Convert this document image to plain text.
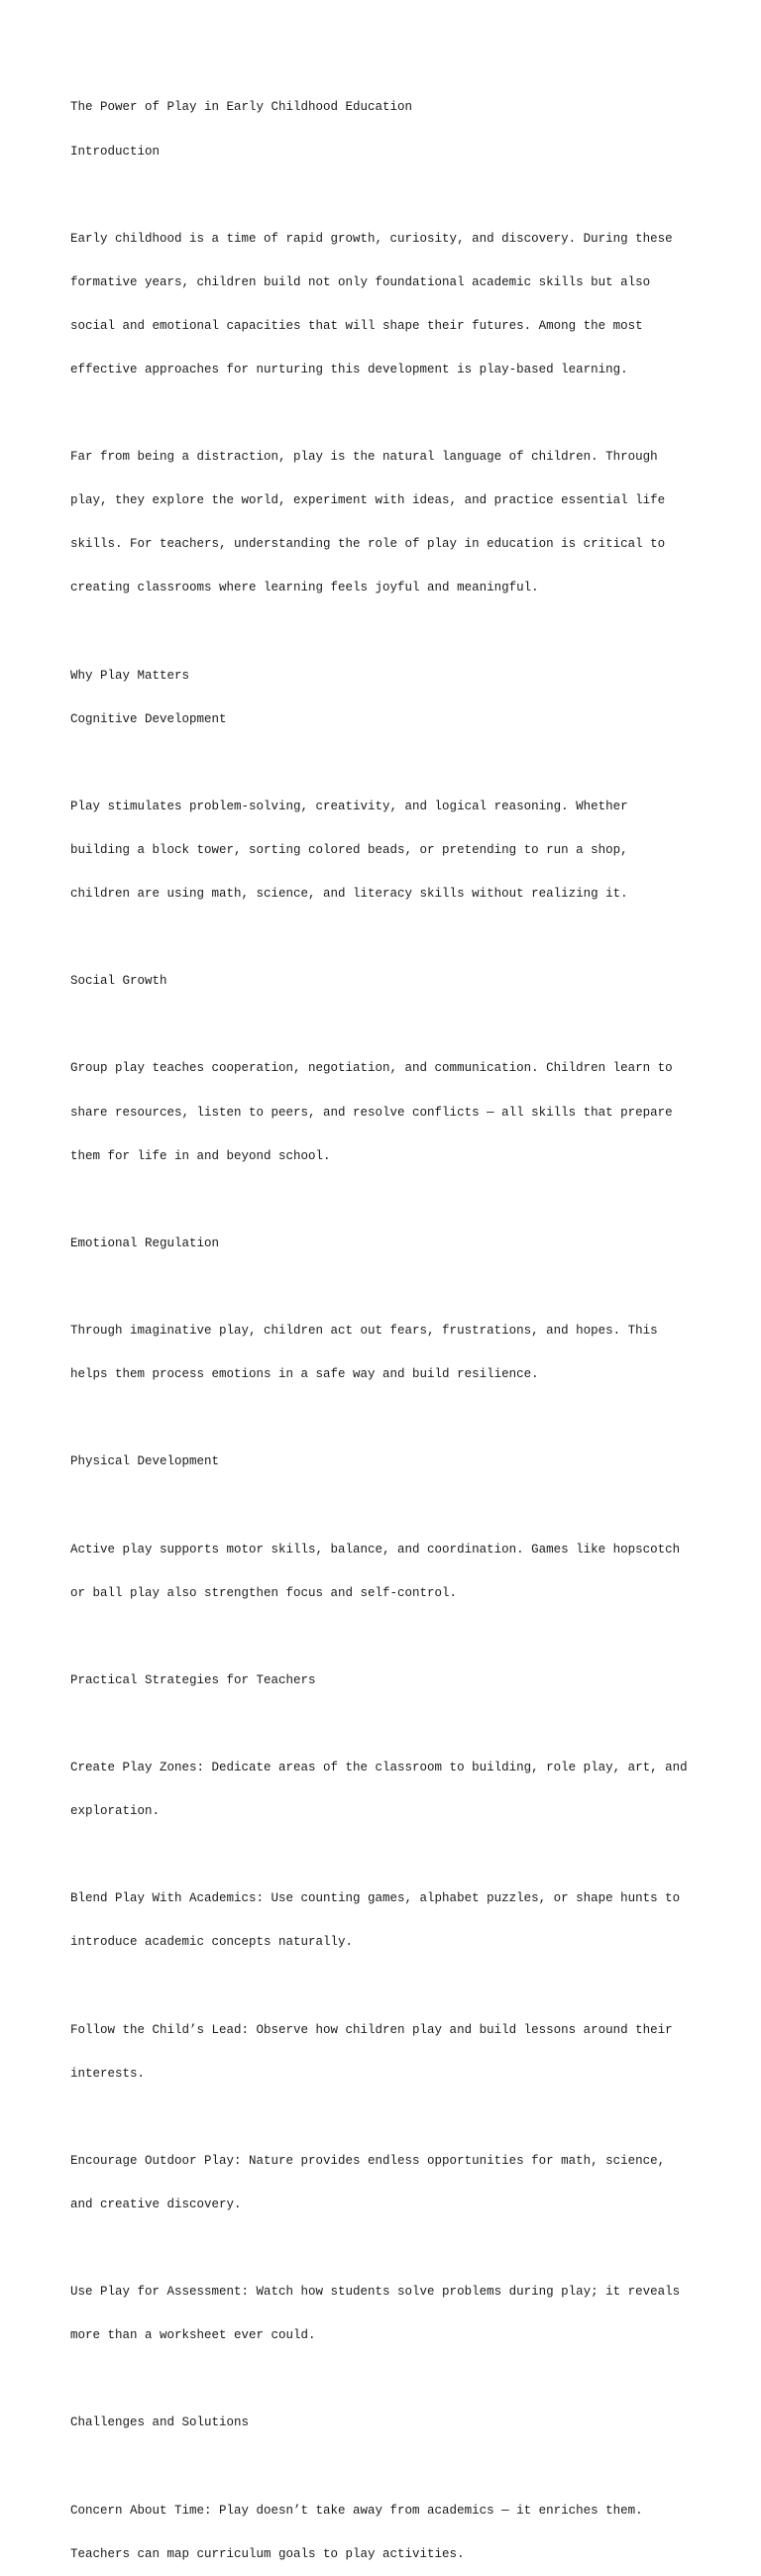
The Power of Play in Early Childhood Education

Introduction

Early childhood is a time of rapid growth, curiosity, and discovery. During these

formative years, children build not only foundational academic skills but also

social and emotional capacities that will shape their futures. Among the most

effective approaches for nurturing this development is play-based learning.

Far from being a distraction, play is the natural language of children. Through

play, they explore the world, experiment with ideas, and practice essential life

skills. For teachers, understanding the role of play in education is critical to

creating classrooms where learning feels joyful and meaningful.

Why Play Matters

Cognitive Development

Play stimulates problem-solving, creativity, and logical reasoning. Whether

building a block tower, sorting colored beads, or pretending to run a shop,

children are using math, science, and literacy skills without realizing it.

Social Growth

Group play teaches cooperation, negotiation, and communication. Children learn to

share resources, listen to peers, and resolve conflicts — all skills that prepare

them for life in and beyond school.

Emotional Regulation

Through imaginative play, children act out fears, frustrations, and hopes. This

helps them process emotions in a safe way and build resilience.

Physical Development

Active play supports motor skills, balance, and coordination. Games like hopscotch

or ball play also strengthen focus and self-control.

Practical Strategies for Teachers

Create Play Zones: Dedicate areas of the classroom to building, role play, art, and

exploration.

Blend Play With Academics: Use counting games, alphabet puzzles, or shape hunts to

introduce academic concepts naturally.

Follow the Child’s Lead: Observe how children play and build lessons around their

interests.

Encourage Outdoor Play: Nature provides endless opportunities for math, science,

and creative discovery.

Use Play for Assessment: Watch how students solve problems during play; it reveals

more than a worksheet ever could.

Challenges and Solutions

Concern About Time: Play doesn’t take away from academics — it enriches them.

Teachers can map curriculum goals to play activities.
